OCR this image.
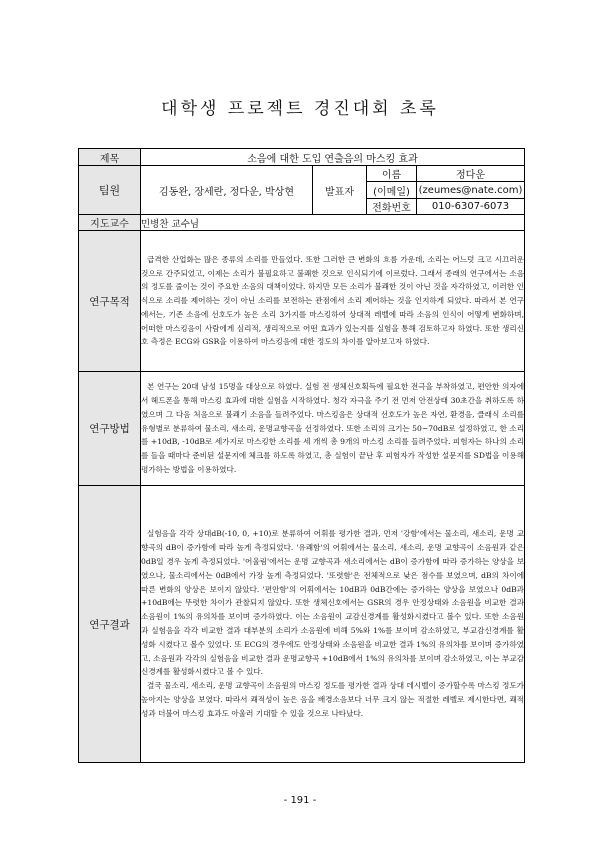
대학생 프로젝트 경진대회 초록
제목	소음에 대한 도입 연출음의 마스킹 효과			
팀원	김동완, 장세란, 정다운, 박상현	발표자	이름	정다운
			(이메일)	(zeumes@nate.com)
			전화번호	010-6307-6073
지도교수	민병찬 교수님			
연구목적	급격한 산업화는 많은 종류의 소리를 만들었다. 또한 그러한 큰 변화의 흐름 가운데, 소리는 어느덧 크고 시끄러운 것으로 간주되었고, 이제는 소리가 불필요하고 불쾌한 것으로 인식되기에 이르렀다. 그래서 종래의 연구에서는 소음의 정도를 줄이는 것이 주요한 소음의 대책이었다. 하지만 모든 소리가 불쾌한 것이 아닌 것을 자각하였고, 이러한 인식으로 소리를 제어하는 것이 아닌 소리를 보전하는 관점에서 소리 제어하는 것을 인지하게 되었다. 따라서 본 연구에서는, 기존 소음에 선호도가 높은 소리 3가지를 마스킹하여 상대적 레벨에 따라 소음의 인식이 어떻게 변화하며, 어떠한 마스킹음이 사람에게 심리적, 생리적으로 어떤 효과가 있는지를 실험을 통해 검토하고자 하였다. 또한 생리신호 측정은 ECG와 GSR을 이용하여 마스킹음에 대한 정도의 차이를 알아보고자 하였다.			

연구방법	본 연구는 20대 남성 15명을 대상으로 하였다. 실험 전 생체신호획득에 필요한 전극을 부착하였고, 편안한 의자에서 헤드폰을 통해 마스킹 효과에 대한 실험을 시작하였다. 청각 자극을 주기 전 먼저 안전상태 30초간을 취하도록 하였으며 그 다음 처음으로 불쾌기 소음을 들려주었다. 마스킹음은 상대적 선호도가 높은 자연, 환경음, 클래식 소리를 유형별로 분류하여 물소리, 새소리, 운명교향곡을 선정하였다. 또한 소리의 크기는 50~70dB로 설정하였고, 한 소리를 +10dB, -10dB로 세가지로 마스킹한 소리를 세 개씩 총 9개의 마스킹 소리를 들려주었다. 피험자는 하나의 소리를 들을 때마다 준비된 설문지에 체크를 하도록 하였고, 총 실험이 끝난 후 피험자가 작성한 설문지를 SD법을 이용해 평가하는 방법을 이용하였다.			

연구결과	실험음을 각각 상대dB(-10, 0, +10)로 분류하여 어휘를 평가한 결과, 먼저 '강함'에서는 물소리, 새소리, 운명 교향곡의 dB이 증가함에 따라 높게 측정되었다. '유쾌함'의 어휘에서는 물소리, 새소리, 운명 교향곡이 소음원과 같은 0dB일 경우 높게 측정되었다. '어울림'에서는 운명 교향곡과 새소리에서는 dB이 증가함에 따라 증가하는 양상을 보였으나, 물소리에서는 0dB에서 가장 높게 측정되었다. '또렷함'은 전체적으로 낮은 점수를 보였으며, dB의 차이에 따른 변화의 양상은 보이지 않았다. '편안함'의 어휘에서는 10dB과 0dB간에는 증가하는 양상을 보였으나 0dB과 +10dB에는 뚜렷한 차이가 관찰되지 않았다. 또한 생체신호에서는 GSR의 경우 안정상태와 소음원을 비교한 결과 소음원이 1%의 유의차를 보이며 증가하였다. 이는 소음원이 교감신경계를 활성화시켰다고 볼수 있다. 또한 소음원과 실험음을 각각 비교한 결과 대부분의 소리가 소음원에 비해 5%와 1%를 보이며 감소하였고, 부교감신경계를 활성화 시켰다고 볼수 있었다. 또 ECG의 경우에도 안정상태와 소음원을 비교한 결과 1%의 유의차를 보이며 증가하였고, 소음원과 각각의 실험음을 비교한 결과 운명교향곡 +10dB에서 1%의 유의차를 보이며 감소하였고, 이는 부교감신경계를 활성화시켰다고 볼 수 있다.

결국 물소리, 새소리, 운명 교향곡이 소음원의 마스킹 정도를 평가한 결과 상대 데시벨이 증가할수록 마스킹 정도가 높아지는 양상을 보였다. 따라서 쾌적성이 높은 음을 배경소음보다 너무 크지 않는 적절한 레벨로 제시한다면, 쾌적성과 더불어 마스킹 효과도 아울러 기대할 수 있을 것으로 나타났다.			

- 191 -
